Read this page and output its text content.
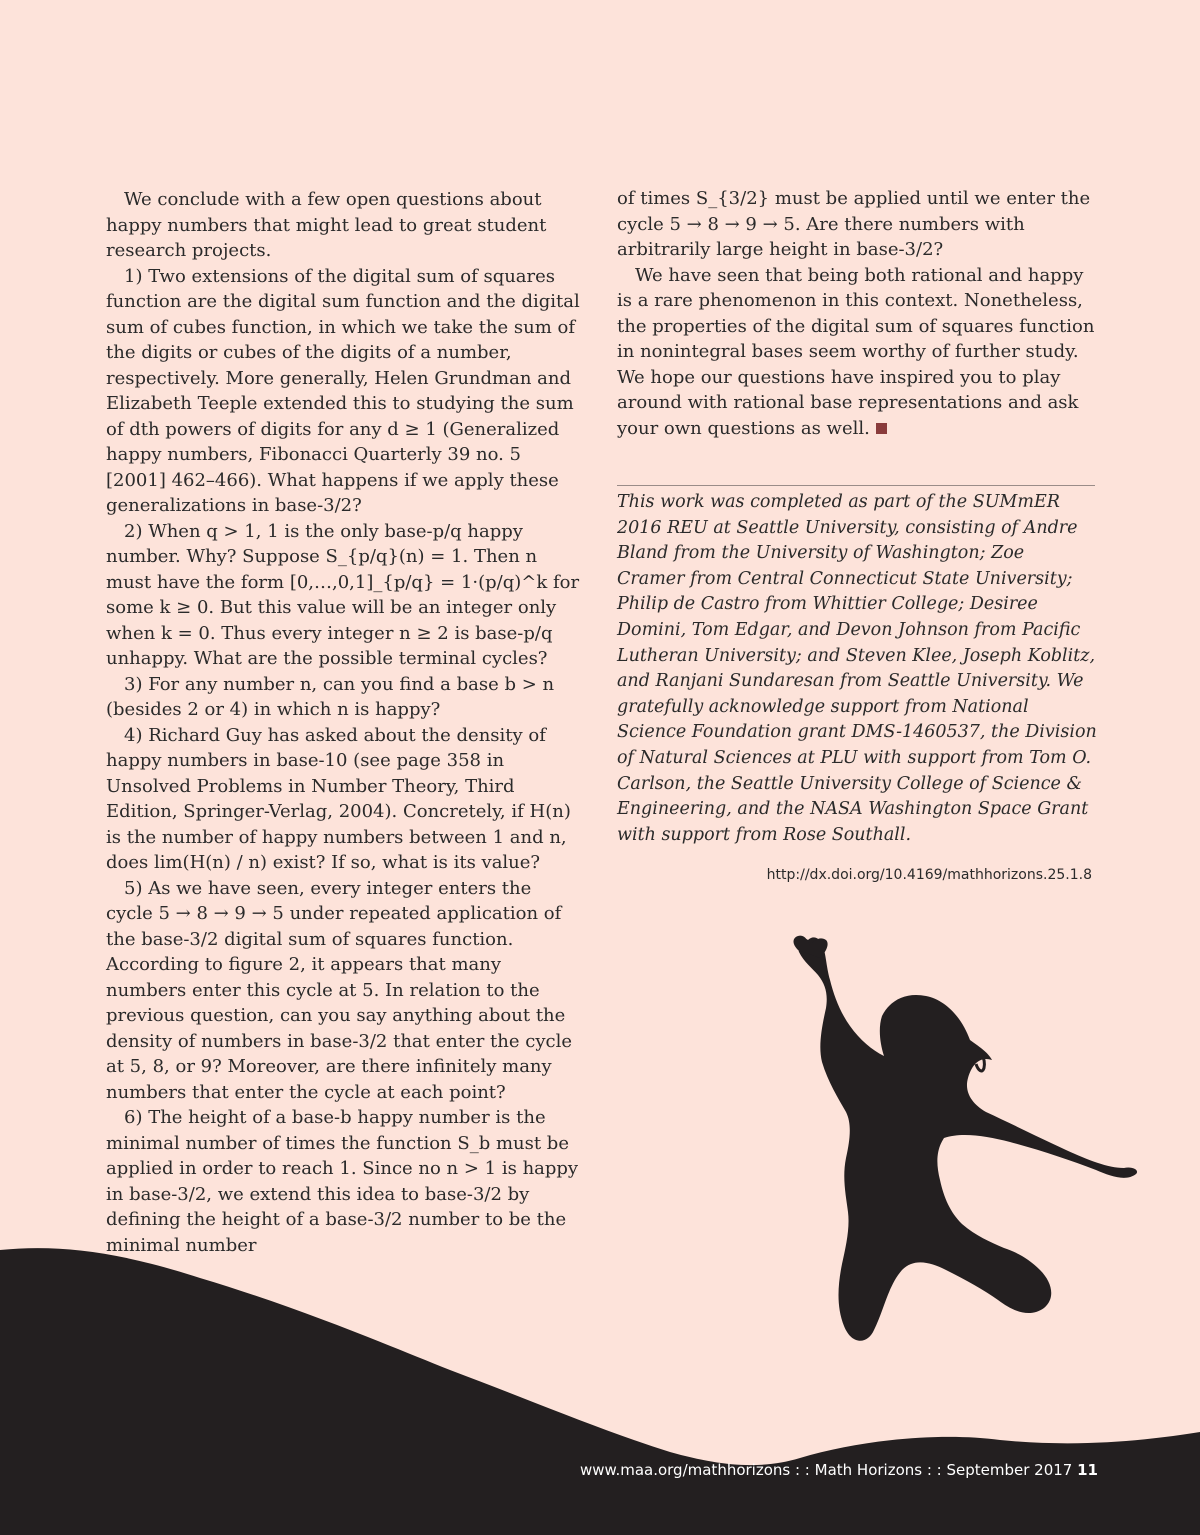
We conclude with a few open questions about happy numbers that might lead to great student research projects.

1) Two extensions of the digital sum of squares function are the digital sum function and the digital sum of cubes function, in which we take the sum of the digits or cubes of the digits of a number, respectively. More generally, Helen Grundman and Elizabeth Teeple extended this to studying the sum of dth powers of digits for any d ≥ 1 (Generalized happy numbers, Fibonacci Quarterly 39 no. 5 [2001] 462–466). What happens if we apply these generalizations in base-3/2?

2) When q > 1, 1 is the only base-p/q happy number. Why? Suppose S_{p/q}(n) = 1. Then n must have the form [0,…,0,1]_{p/q} = 1·(p/q)^k for some k ≥ 0. But this value will be an integer only when k = 0. Thus every integer n ≥ 2 is base-p/q unhappy. What are the possible terminal cycles?

3) For any number n, can you find a base b > n (besides 2 or 4) in which n is happy?

4) Richard Guy has asked about the density of happy numbers in base-10 (see page 358 in Unsolved Problems in Number Theory, Third Edition, Springer-Verlag, 2004). Concretely, if H(n) is the number of happy numbers between 1 and n, does lim(H(n) / n) exist? If so, what is its value?

5) As we have seen, every integer enters the cycle 5 → 8 → 9 → 5 under repeated application of the base-3/2 digital sum of squares function. According to figure 2, it appears that many numbers enter this cycle at 5. In relation to the previous question, can you say anything about the density of numbers in base-3/2 that enter the cycle at 5, 8, or 9? Moreover, are there infinitely many numbers that enter the cycle at each point?

6) The height of a base-b happy number is the minimal number of times the function S_b must be applied in order to reach 1. Since no n > 1 is happy in base-3/2, we extend this idea to base-3/2 by defining the height of a base-3/2 number to be the minimal number

of times S_{3/2} must be applied until we enter the cycle 5 → 8 → 9 → 5. Are there numbers with arbitrarily large height in base-3/2?

We have seen that being both rational and happy is a rare phenomenon in this context. Nonetheless, the properties of the digital sum of squares function in nonintegral bases seem worthy of further study. We hope our questions have inspired you to play around with rational base representations and ask your own questions as well.

This work was completed as part of the SUMmER 2016 REU at Seattle University, consisting of Andre Bland from the University of Washington; Zoe Cramer from Central Connecticut State University; Philip de Castro from Whittier College; Desiree Domini, Tom Edgar, and Devon Johnson from Pacific Lutheran University; and Steven Klee, Joseph Koblitz, and Ranjani Sundaresan from Seattle University. We gratefully acknowledge support from National Science Foundation grant DMS-1460537, the Division of Natural Sciences at PLU with support from Tom O. Carlson, the Seattle University College of Science & Engineering, and the NASA Washington Space Grant with support from Rose Southall.
http://dx.doi.org/10.4169/mathhorizons.25.1.8
www.maa.org/mathhorizons : : Math Horizons : : September 2017 11
